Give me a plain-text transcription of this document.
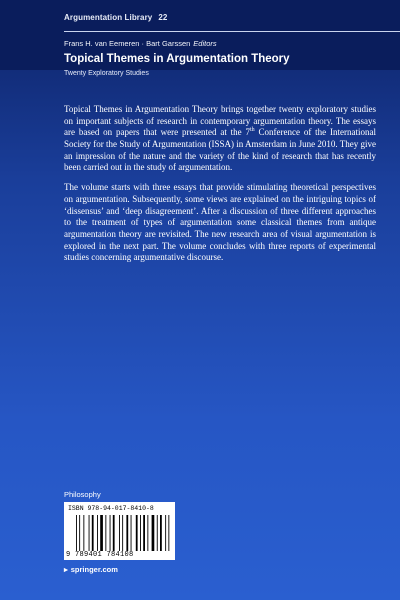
Argumentation Library 22
Frans H. van Eemeren · Bart Garssen Editors
Topical Themes in Argumentation Theory
Twenty Exploratory Studies

Topical Themes in Argumentation Theory brings together twenty exploratory studies on important subjects of research in contemporary argumentation theory. The essays are based on papers that were presented at the 7th Conference of the International Society for the Study of Argumentation (ISSA) in Amsterdam in June 2010. They give an impression of the nature and the variety of the kind of research that has recently been carried out in the study of argumentation.

The volume starts with three essays that provide stimulating theoretical perspectives on argumentation. Subsequently, some views are explained on the intriguing topics of ‘dissensus’ and ‘deep disagreement’. After a discussion of three different approaches to the treatment of types of argumentation some classical themes from antique argumentation theory are revisited. The new research area of visual argumentation is explored in the next part. The volume concludes with three reports of experimental studies concerning argumentative discourse.

Philosophy
ISBN 978-94-017-8410-8
9 789401 784108
▸ springer.com
